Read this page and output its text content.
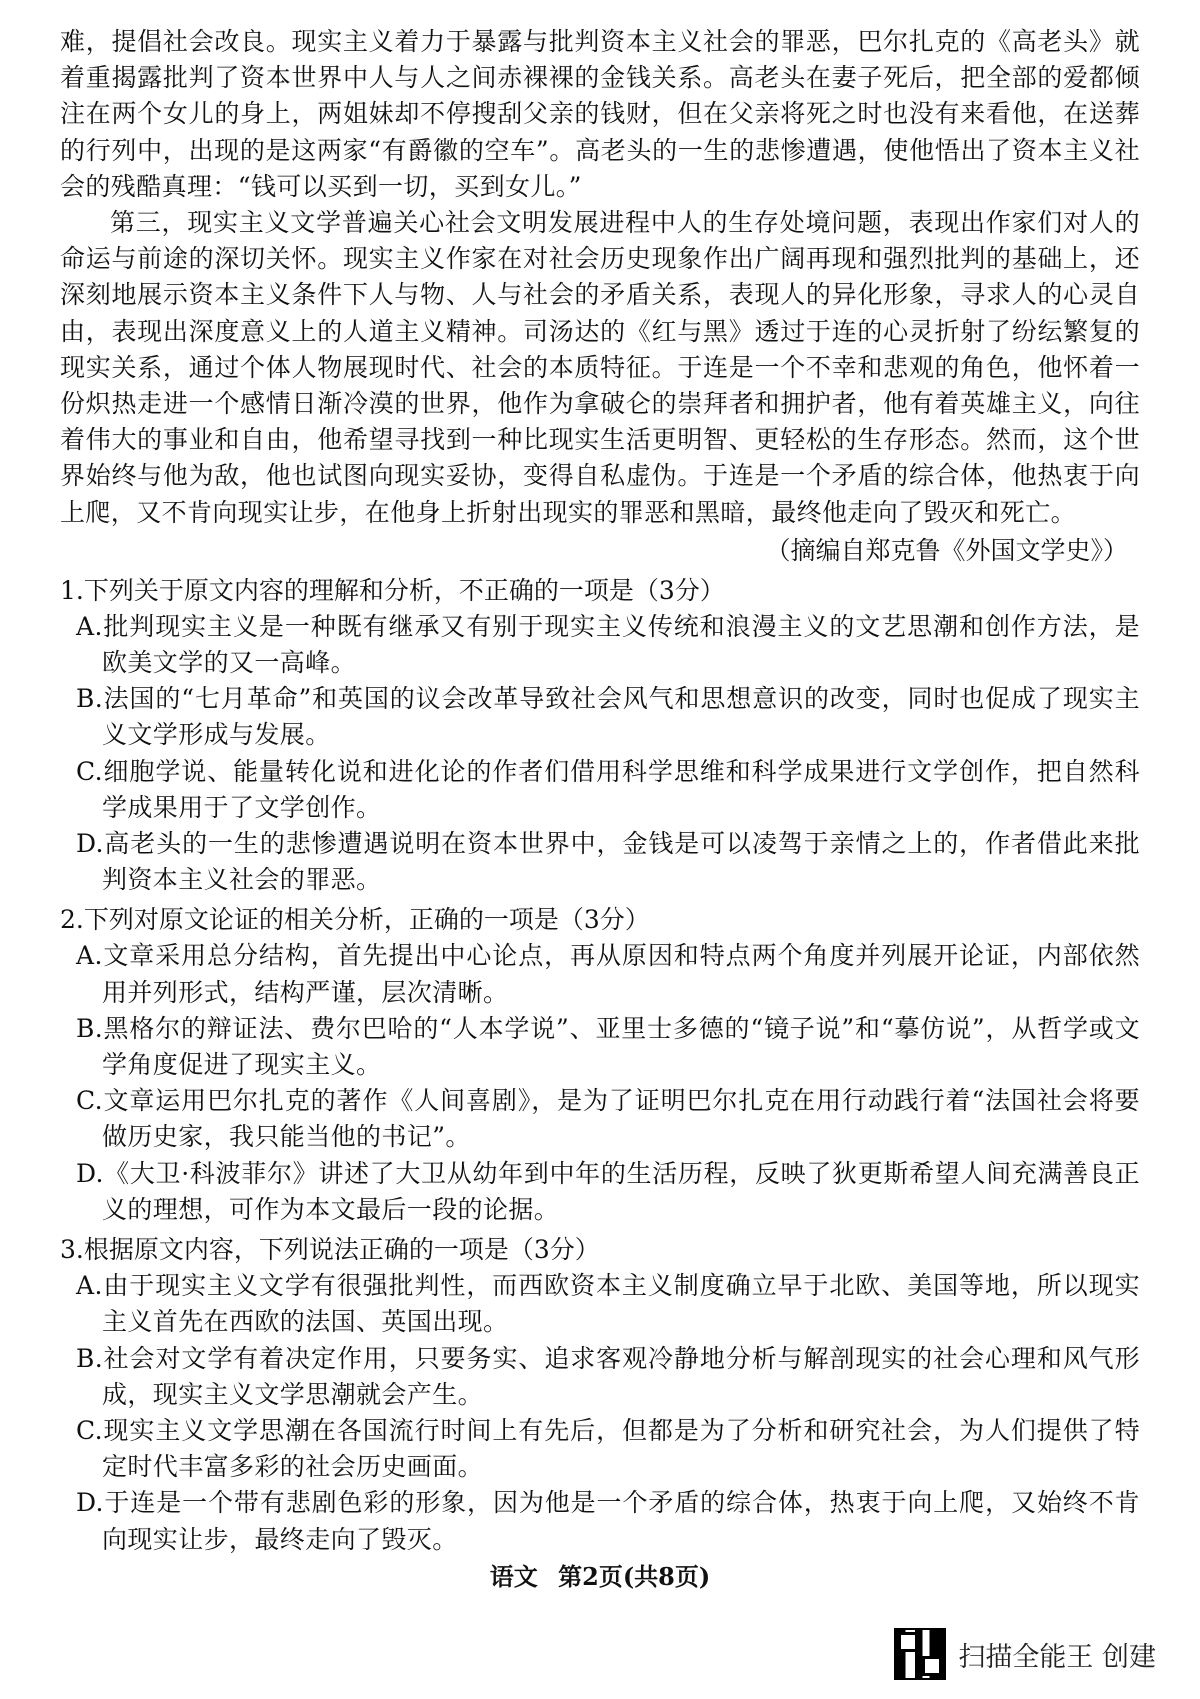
难，提倡社会改良。现实主义着力于暴露与批判资本主义社会的罪恶，巴尔扎克的《高老头》就着重揭露批判了资本世界中人与人之间赤裸裸的金钱关系。高老头在妻子死后，把全部的爱都倾注在两个女儿的身上，两姐妹却不停搜刮父亲的钱财，但在父亲将死之时也没有来看他，在送葬的行列中，出现的是这两家“有爵徽的空车”。高老头的一生的悲惨遭遇，使他悟出了资本主义社会的残酷真理：“钱可以买到一切，买到女儿。”

第三，现实主义文学普遍关心社会文明发展进程中人的生存处境问题，表现出作家们对人的命运与前途的深切关怀。现实主义作家在对社会历史现象作出广阔再现和强烈批判的基础上，还深刻地展示资本主义条件下人与物、人与社会的矛盾关系，表现人的异化形象，寻求人的心灵自由，表现出深度意义上的人道主义精神。司汤达的《红与黑》透过于连的心灵折射了纷纭繁复的现实关系，通过个体人物展现时代、社会的本质特征。于连是一个不幸和悲观的角色，他怀着一份炽热走进一个感情日渐冷漠的世界，他作为拿破仑的崇拜者和拥护者，他有着英雄主义，向往着伟大的事业和自由，他希望寻找到一种比现实生活更明智、更轻松的生存形态。然而，这个世界始终与他为敌，他也试图向现实妥协，变得自私虚伪。于连是一个矛盾的综合体，他热衷于向上爬，又不肯向现实让步，在他身上折射出现实的罪恶和黑暗，最终他走向了毁灭和死亡。

（摘编自郑克鲁《外国文学史》）

1.下列关于原文内容的理解和分析，不正确的一项是（3分）

A.批判现实主义是一种既有继承又有别于现实主义传统和浪漫主义的文艺思潮和创作方法，是欧美文学的又一高峰。

B.法国的“七月革命”和英国的议会改革导致社会风气和思想意识的改变，同时也促成了现实主义文学形成与发展。

C.细胞学说、能量转化说和进化论的作者们借用科学思维和科学成果进行文学创作，把自然科学成果用于了文学创作。

D.高老头的一生的悲惨遭遇说明在资本世界中，金钱是可以凌驾于亲情之上的，作者借此来批判资本主义社会的罪恶。

2.下列对原文论证的相关分析，正确的一项是（3分）

A.文章采用总分结构，首先提出中心论点，再从原因和特点两个角度并列展开论证，内部依然用并列形式，结构严谨，层次清晰。

B.黑格尔的辩证法、费尔巴哈的“人本学说”、亚里士多德的“镜子说”和“摹仿说”，从哲学或文学角度促进了现实主义。

C.文章运用巴尔扎克的著作《人间喜剧》，是为了证明巴尔扎克在用行动践行着“法国社会将要做历史家，我只能当他的书记”。

D.《大卫·科波菲尔》讲述了大卫从幼年到中年的生活历程，反映了狄更斯希望人间充满善良正义的理想，可作为本文最后一段的论据。

3.根据原文内容，下列说法正确的一项是（3分）

A.由于现实主义文学有很强批判性，而西欧资本主义制度确立早于北欧、美国等地，所以现实主义首先在西欧的法国、英国出现。

B.社会对文学有着决定作用，只要务实、追求客观冷静地分析与解剖现实的社会心理和风气形成，现实主义文学思潮就会产生。

C.现实主义文学思潮在各国流行时间上有先后，但都是为了分析和研究社会，为人们提供了特定时代丰富多彩的社会历史画面。

D.于连是一个带有悲剧色彩的形象，因为他是一个矛盾的综合体，热衷于向上爬，又始终不肯向现实让步，最终走向了毁灭。

语文 第2页(共8页)
扫描全能王 创建
